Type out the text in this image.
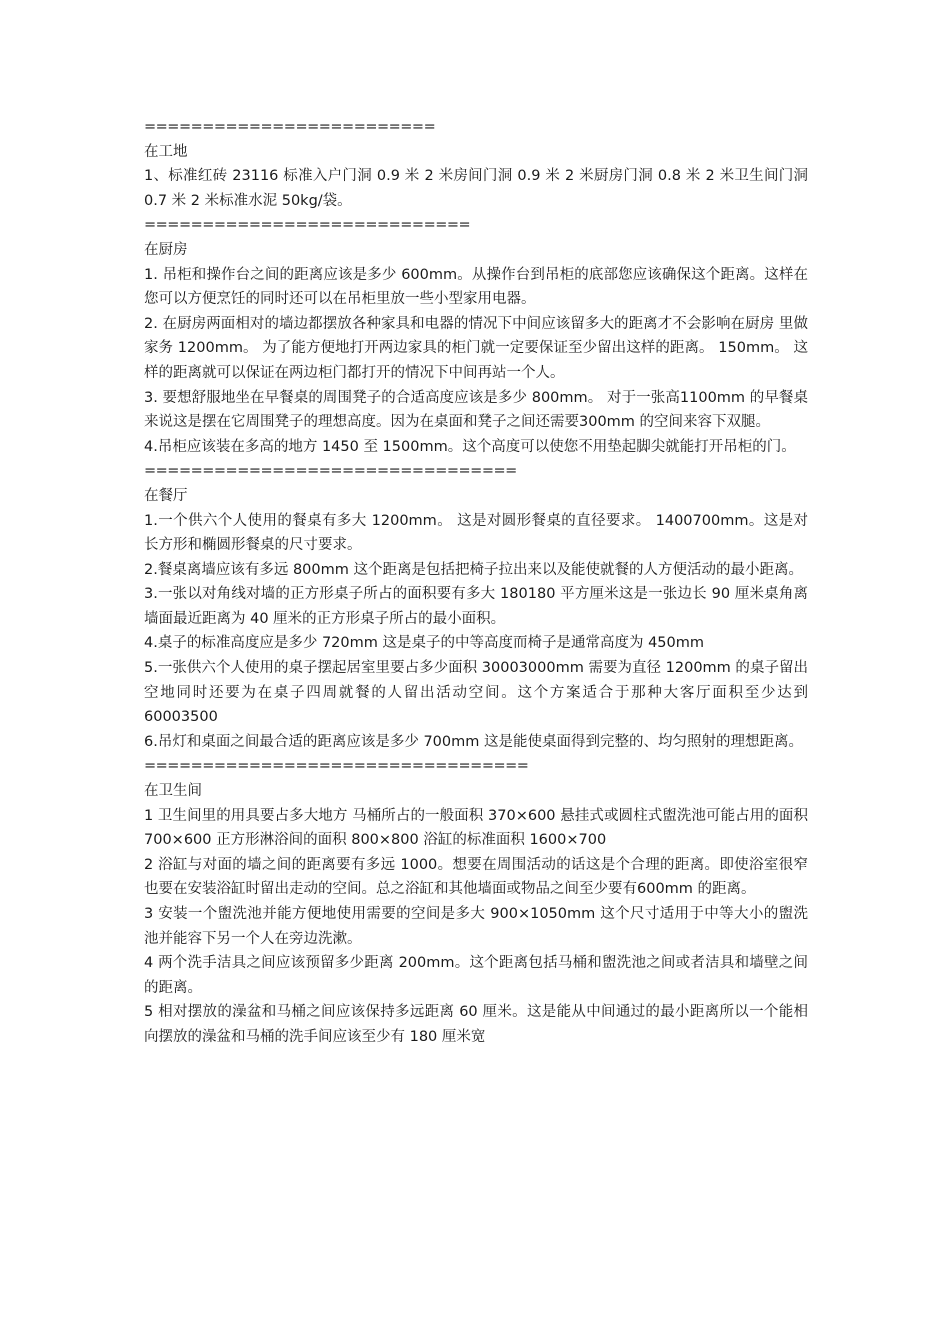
=========================

在工地

1、标准红砖 23116 标准入户门洞 0.9 米 2 米房间门洞 0.9 米 2 米厨房门洞 0.8 米 2 米卫生间门洞 0.7 米 2 米标准水泥 50kg/袋。

============================

在厨房

1. 吊柜和操作台之间的距离应该是多少 600mm。从操作台到吊柜的底部您应该确保这个距离。这样在您可以方便烹饪的同时还可以在吊柜里放一些小型家用电器。

2. 在厨房两面相对的墙边都摆放各种家具和电器的情况下中间应该留多大的距离才不会影响在厨房 里做家务 1200mm。 为了能方便地打开两边家具的柜门就一定要保证至少留出这样的距离。 150mm。 这样的距离就可以保证在两边柜门都打开的情况下中间再站一个人。

3. 要想舒服地坐在早餐桌的周围凳子的合适高度应该是多少 800mm。 对于一张高1100mm 的早餐桌来说这是摆在它周围凳子的理想高度。因为在桌面和凳子之间还需要300mm 的空间来容下双腿。

4.吊柜应该装在多高的地方 1450 至 1500mm。这个高度可以使您不用垫起脚尖就能打开吊柜的门。

================================

在餐厅

1.一个供六个人使用的餐桌有多大 1200mm。 这是对圆形餐桌的直径要求。 1400700mm。这是对长方形和椭圆形餐桌的尺寸要求。

2.餐桌离墙应该有多远 800mm 这个距离是包括把椅子拉出来以及能使就餐的人方便活动的最小距离。

3.一张以对角线对墙的正方形桌子所占的面积要有多大 180180 平方厘米这是一张边长 90 厘米桌角离墙面最近距离为 40 厘米的正方形桌子所占的最小面积。

4.桌子的标准高度应是多少 720mm 这是桌子的中等高度而椅子是通常高度为 450mm

5.一张供六个人使用的桌子摆起居室里要占多少面积 30003000mm 需要为直径 1200mm 的桌子留出空地同时还要为在桌子四周就餐的人留出活动空间。这个方案适合于那种大客厅面积至少达到 60003500

6.吊灯和桌面之间最合适的距离应该是多少 700mm 这是能使桌面得到完整的、均匀照射的理想距离。

=================================

在卫生间

1 卫生间里的用具要占多大地方 马桶所占的一般面积 370×600 悬挂式或圆柱式盥洗池可能占用的面积 700×600 正方形淋浴间的面积 800×800 浴缸的标准面积 1600×700

2 浴缸与对面的墙之间的距离要有多远 1000。想要在周围活动的话这是个合理的距离。即使浴室很窄也要在安装浴缸时留出走动的空间。总之浴缸和其他墙面或物品之间至少要有600mm 的距离。

3 安装一个盥洗池并能方便地使用需要的空间是多大 900×1050mm 这个尺寸适用于中等大小的盥洗池并能容下另一个人在旁边洗漱。

4 两个洗手洁具之间应该预留多少距离 200mm。这个距离包括马桶和盥洗池之间或者洁具和墙壁之间的距离。

5 相对摆放的澡盆和马桶之间应该保持多远距离 60 厘米。这是能从中间通过的最小距离所以一个能相向摆放的澡盆和马桶的洗手间应该至少有 180 厘米宽
